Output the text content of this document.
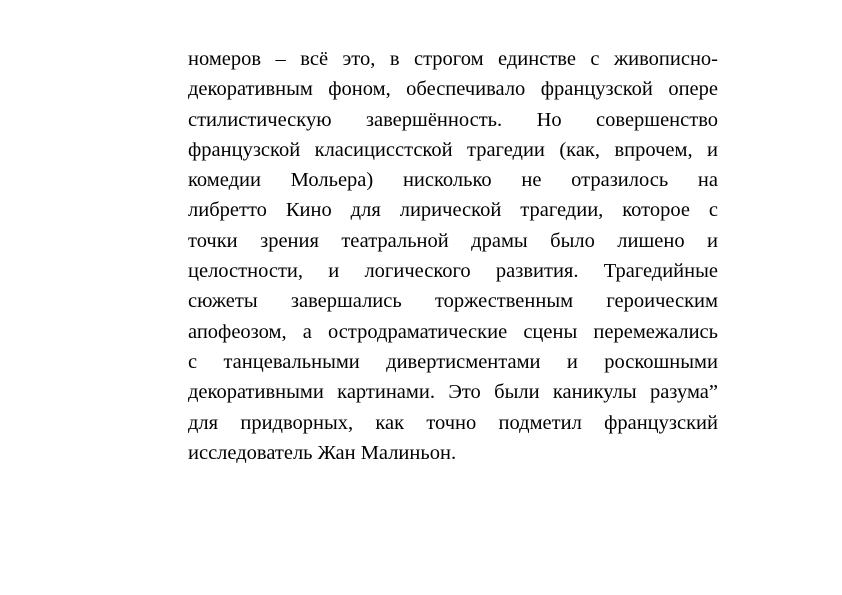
номеров – всё это, в строгом единстве с живописно-
декоративным фоном, обеспечивало французской опере
стилистическую завершённость. Но совершенство
французской класицисстской трагедии (как, впрочем, и
комедии Мольера) нисколько не отразилось на
либретто Кино для лирической трагедии, которое с
точки зрения театральной драмы было лишено и
целостности, и логического развития. Трагедийные
сюжеты завершались торжественным героическим
апофеозом, а остродраматические сцены перемежались
с танцевальными дивертисментами и роскошными
декоративными картинами. Это были каникулы разума”
для придворных, как точно подметил французский
исследователь Жан Малиньон.
